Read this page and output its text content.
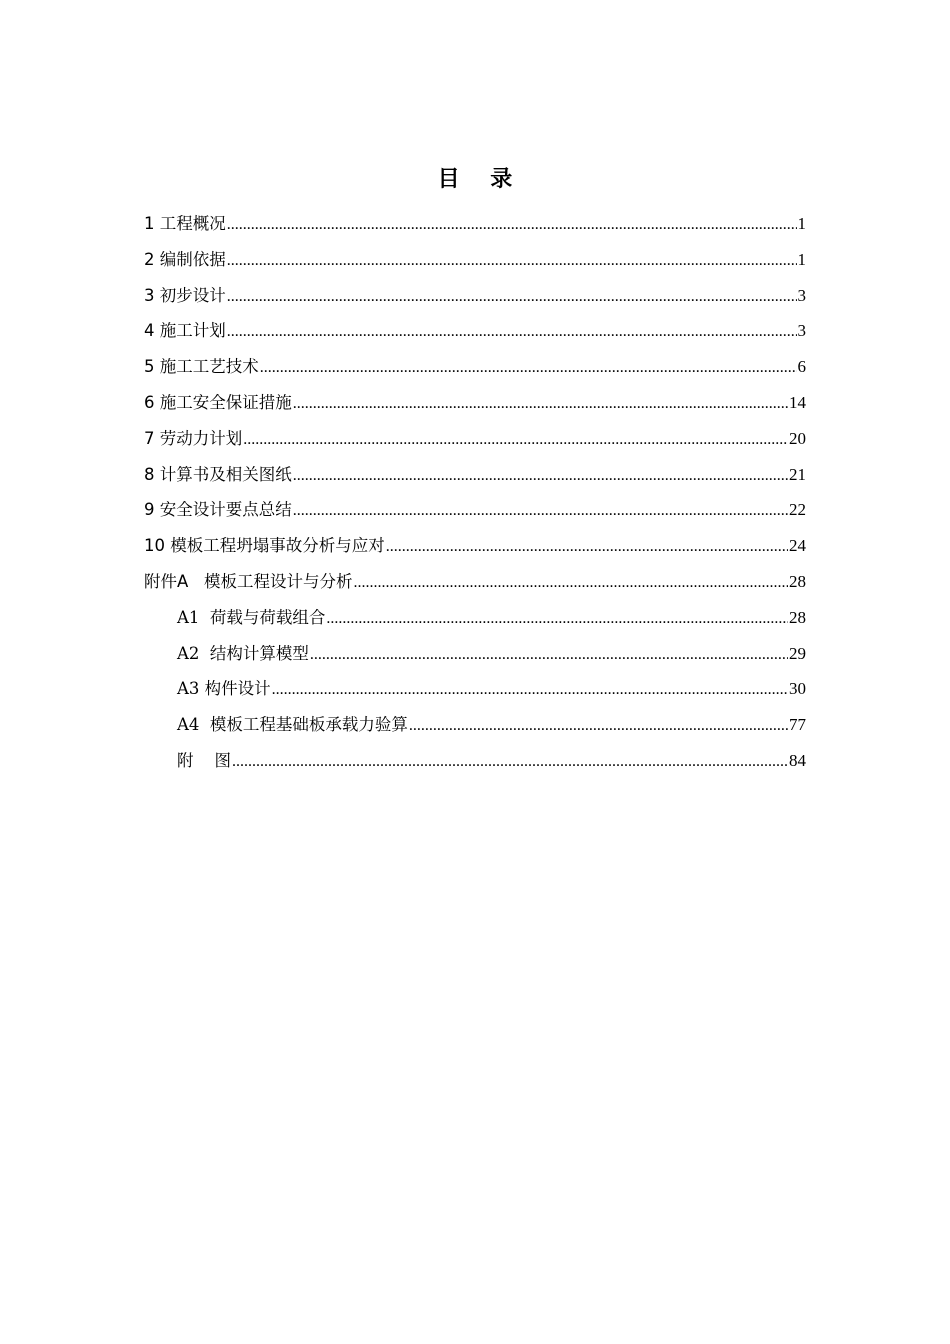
目    录
1 工程概况 .....	1
2 编制依据 .....	1
3 初步设计 .....	3
4 施工计划 .....	3
5 施工工艺技术 .....	6
6 施工安全保证措施 .....	14
7 劳动力计划 .....	20
8 计算书及相关图纸 .....	21
9 安全设计要点总结 .....	22
10 模板工程坍塌事故分析与应对 .....	24
附件A   模板工程设计与分析 .....	28
A1  荷载与荷载组合 .....	28
A2  结构计算模型 .....	29
A3 构件设计 .....	30
A4  模板工程基础板承载力验算 .....	77
附    图 .....	84
